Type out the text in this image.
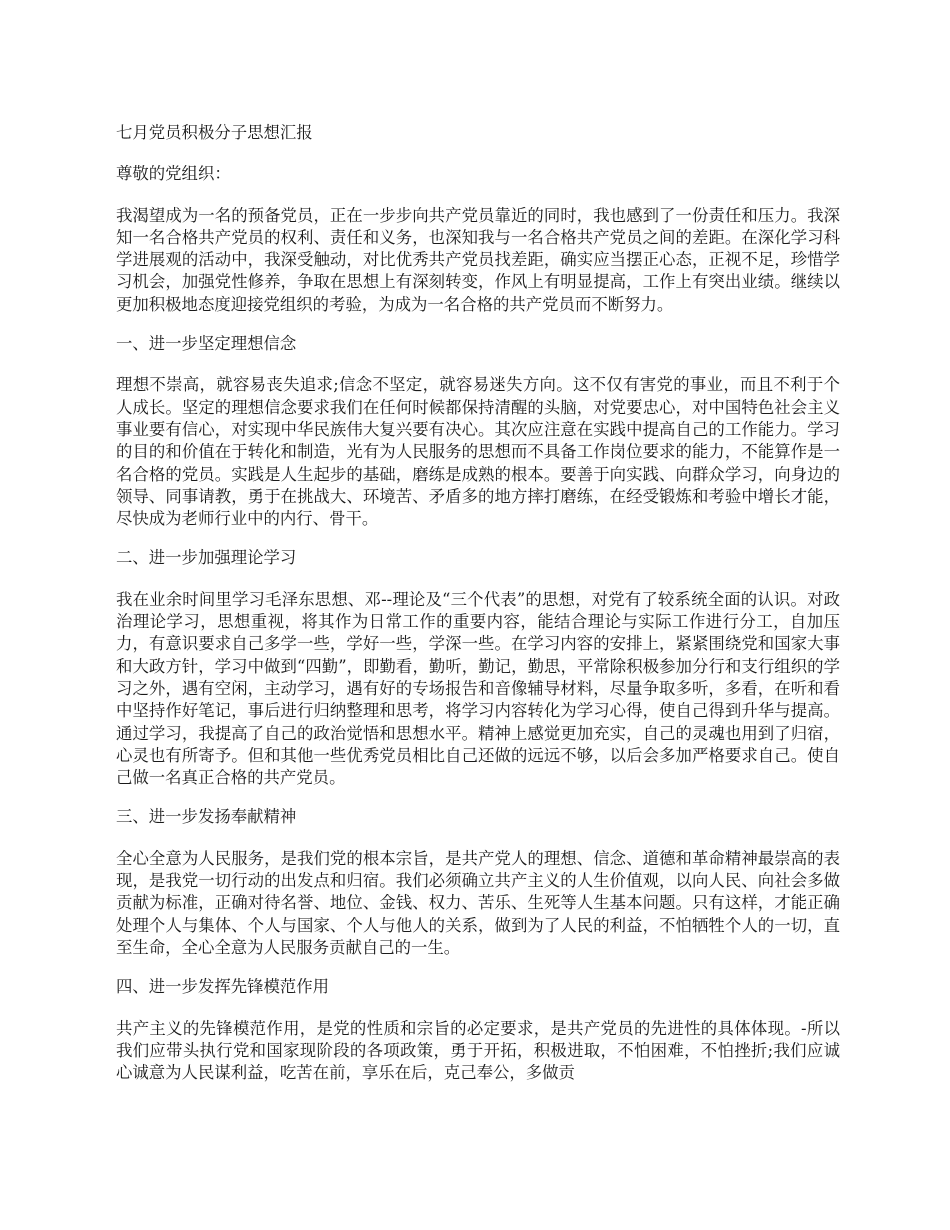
七月党员积极分子思想汇报

尊敬的党组织：

我渴望成为一名的预备党员，正在一步步向共产党员靠近的同时，我也感到了一份责任和压力。我深知一名合格共产党员的权利、责任和义务，也深知我与一名合格共产党员之间的差距。在深化学习科学进展观的活动中，我深受触动，对比优秀共产党员找差距，确实应当摆正心态，正视不足，珍惜学习机会，加强党性修养，争取在思想上有深刻转变，作风上有明显提高，工作上有突出业绩。继续以更加积极地态度迎接党组织的考验，为成为一名合格的共产党员而不断努力。

一、进一步坚定理想信念

理想不崇高，就容易丧失追求;信念不坚定，就容易迷失方向。这不仅有害党的事业，而且不利于个人成长。坚定的理想信念要求我们在任何时候都保持清醒的头脑，对党要忠心，对中国特色社会主义事业要有信心，对实现中华民族伟大复兴要有决心。其次应注意在实践中提高自己的工作能力。学习的目的和价值在于转化和制造，光有为人民服务的思想而不具备工作岗位要求的能力，不能算作是一名合格的党员。实践是人生起步的基础，磨练是成熟的根本。要善于向实践、向群众学习，向身边的领导、同事请教，勇于在挑战大、环境苦、矛盾多的地方摔打磨练，在经受锻炼和考验中增长才能，尽快成为老师行业中的内行、骨干。

二、进一步加强理论学习

我在业余时间里学习毛泽东思想、邓--理论及“三个代表”的思想，对党有了较系统全面的认识。对政治理论学习，思想重视，将其作为日常工作的重要内容，能结合理论与实际工作进行分工，自加压力，有意识要求自己多学一些，学好一些，学深一些。在学习内容的安排上，紧紧围绕党和国家大事和大政方针，学习中做到“四勤”，即勤看，勤听，勤记，勤思，平常除积极参加分行和支行组织的学习之外，遇有空闲，主动学习，遇有好的专场报告和音像辅导材料，尽量争取多听，多看，在听和看中坚持作好笔记，事后进行归纳整理和思考，将学习内容转化为学习心得，使自己得到升华与提高。通过学习，我提高了自己的政治觉悟和思想水平。精神上感觉更加充实，自己的灵魂也用到了归宿，心灵也有所寄予。但和其他一些优秀党员相比自己还做的远远不够，以后会多加严格要求自己。使自己做一名真正合格的共产党员。

三、进一步发扬奉献精神

全心全意为人民服务，是我们党的根本宗旨，是共产党人的理想、信念、道德和革命精神最崇高的表现，是我党一切行动的出发点和归宿。我们必须确立共产主义的人生价值观，以向人民、向社会多做贡献为标准，正确对待名誉、地位、金钱、权力、苦乐、生死等人生基本问题。只有这样，才能正确处理个人与集体、个人与国家、个人与他人的关系，做到为了人民的利益，不怕牺牲个人的一切，直至生命，全心全意为人民服务贡献自己的一生。

四、进一步发挥先锋模范作用

共产主义的先锋模范作用，是党的性质和宗旨的必定要求，是共产党员的先进性的具体体现。-所以我们应带头执行党和国家现阶段的各项政策，勇于开拓，积极进取，不怕困难，不怕挫折;我们应诚心诚意为人民谋利益，吃苦在前，享乐在后，克己奉公，多做贡
